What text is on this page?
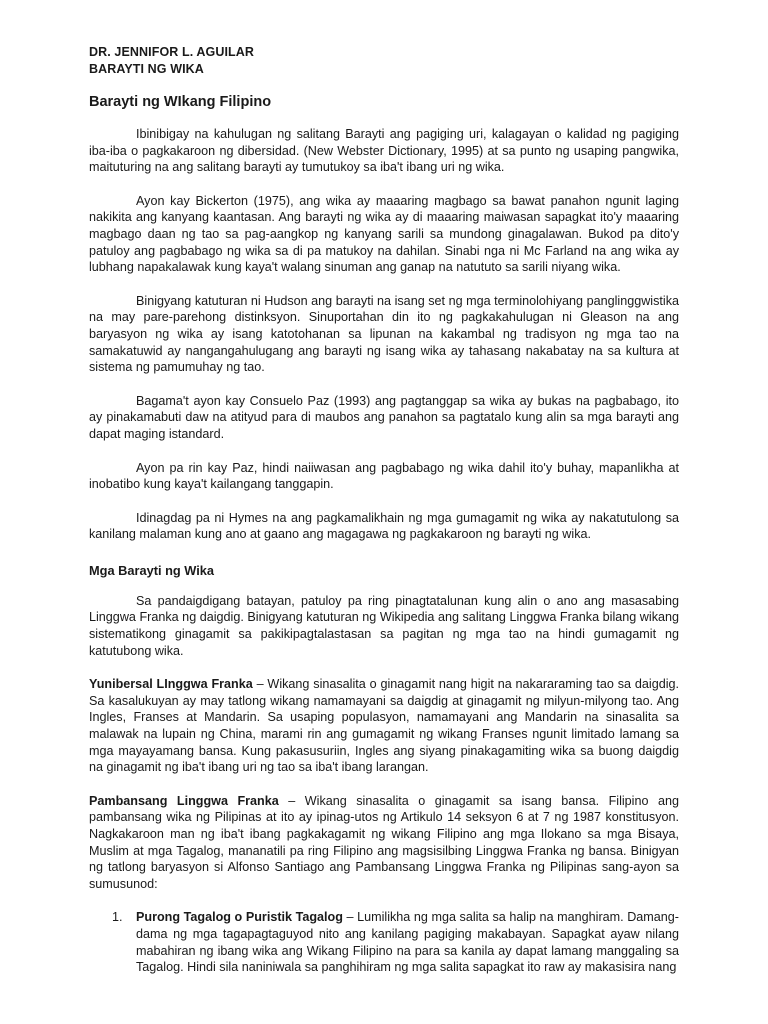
DR. JENNIFOR L. AGUILAR
BARAYTI NG WIKA
Barayti ng WIkang Filipino

Ibinibigay na kahulugan ng salitang Barayti ang pagiging uri, kalagayan o kalidad ng pagiging iba-iba o pagkakaroon ng dibersidad. (New Webster Dictionary, 1995) at sa punto ng usaping pangwika, maituturing na ang salitang barayti ay tumutukoy sa iba't ibang uri ng wika.

Ayon kay Bickerton (1975), ang wika ay maaaring magbago sa bawat panahon ngunit laging nakikita ang kanyang kaantasan. Ang barayti ng wika ay di maaaring maiwasan sapagkat ito'y maaaring magbago daan ng tao sa pag-aangkop ng kanyang sarili sa mundong ginagalawan. Bukod pa dito'y patuloy ang pagbabago ng wika sa di pa matukoy na dahilan. Sinabi nga ni Mc Farland na ang wika ay lubhang napakalawak kung kaya't walang sinuman ang ganap na natututo sa sarili niyang wika.

Binigyang katuturan ni Hudson ang barayti na isang set ng mga terminolohiyang panglinggwistika na may pare-parehong distinksyon. Sinuportahan din ito ng pagkakahulugan ni Gleason na ang baryasyon ng wika ay isang katotohanan sa lipunan na kakambal ng tradisyon ng mga tao na samakatuwid ay nangangahulugang ang barayti ng isang wika ay tahasang nakabatay na sa kultura at sistema ng pamumuhay ng tao.

Bagama't ayon kay Consuelo Paz (1993) ang pagtanggap sa wika ay bukas na pagbabago, ito ay pinakamabuti daw na atityud para di maubos ang panahon sa pagtatalo kung alin sa mga barayti ang dapat maging istandard.

Ayon pa rin kay Paz, hindi naiiwasan ang pagbabago ng wika dahil ito'y buhay, mapanlikha at inobatibo kung kaya't kailangang tanggapin.

Idinagdag pa ni Hymes na ang pagkamalikhain ng mga gumagamit ng wika ay nakatutulong sa kanilang malaman kung ano at gaano ang magagawa ng pagkakaroon ng barayti ng wika.

Mga Barayti ng Wika

Sa pandaigdigang batayan, patuloy pa ring pinagtatalunan kung alin o ano ang masasabing Linggwa Franka ng daigdig. Binigyang katuturan ng Wikipedia ang salitang Linggwa Franka bilang wikang sistematikong ginagamit sa pakikipagtalastasan sa pagitan ng mga tao na hindi gumagamit ng katutubong wika.

Yunibersal LInggwa Franka – Wikang sinasalita o ginagamit nang higit na nakararaming tao sa daigdig. Sa kasalukuyan ay may tatlong wikang namamayani sa daigdig at ginagamit ng milyun-milyong tao. Ang Ingles, Franses at Mandarin. Sa usaping populasyon, namamayani ang Mandarin na sinasalita sa malawak na lupain ng China, marami rin ang gumagamit ng wikang Franses ngunit limitado lamang sa mga mayayamang bansa. Kung pakasusuriin, Ingles ang siyang pinakagamiting wika sa buong daigdig na ginagamit ng iba't ibang uri ng tao sa iba't ibang larangan.

Pambansang Linggwa Franka – Wikang sinasalita o ginagamit sa isang bansa. Filipino ang pambansang wika ng Pilipinas at ito ay ipinag-utos ng Artikulo 14 seksyon 6 at 7 ng 1987 konstitusyon. Nagkakaroon man ng iba't ibang pagkakagamit ng wikang Filipino ang mga Ilokano sa mga Bisaya, Muslim at mga Tagalog, mananatili pa ring Filipino ang magsisilbing Linggwa Franka ng bansa. Binigyan ng tatlong baryasyon si Alfonso Santiago ang Pambansang Linggwa Franka ng Pilipinas sang-ayon sa sumusunod:

1. Purong Tagalog o Puristik Tagalog – Lumilikha ng mga salita sa halip na manghiram. Damang-dama ng mga tagapagtaguyod nito ang kanilang pagiging makabayan. Sapagkat ayaw nilang mabahiran ng ibang wika ang Wikang Filipino na para sa kanila ay dapat lamang manggaling sa Tagalog. Hindi sila naniniwala sa panghihiram ng mga salita sapagkat ito raw ay makasisira nang
